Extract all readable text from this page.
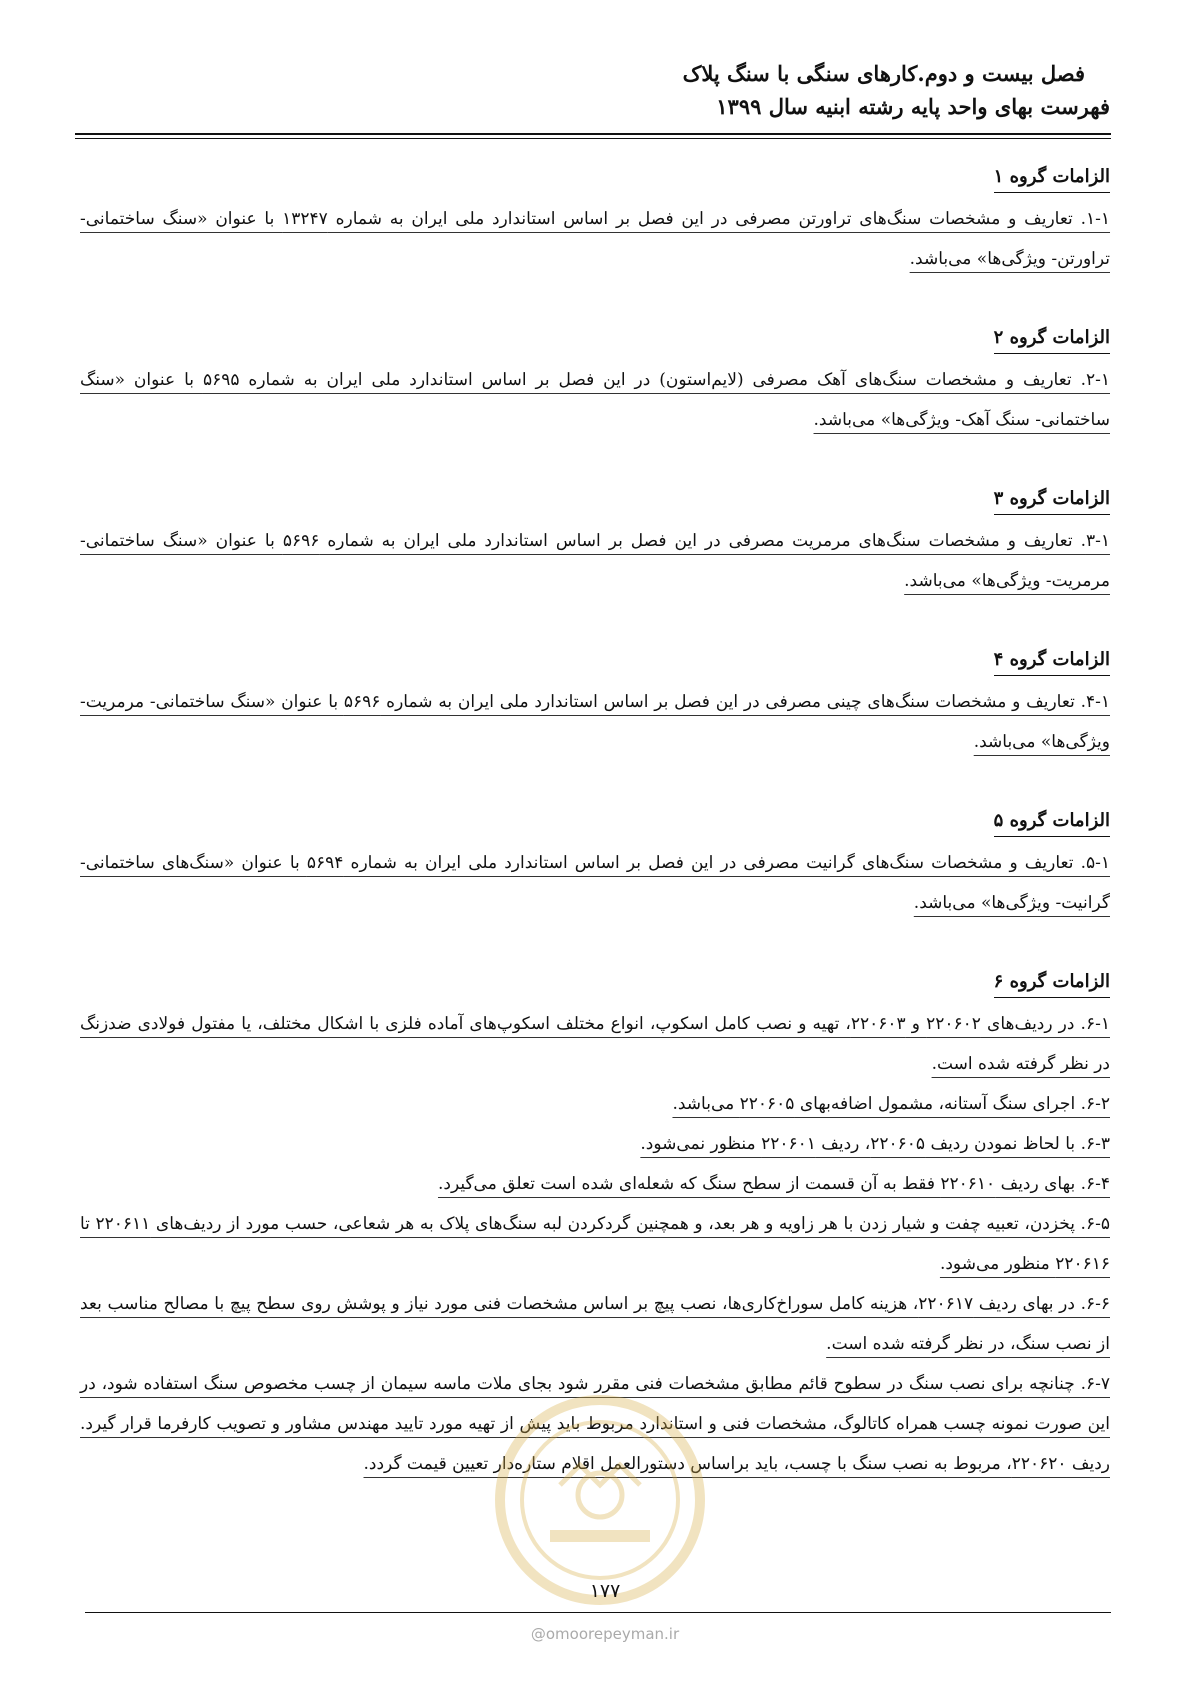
فصل بیست و دوم.کارهای سنگی با سنگ پلاک
فهرست بهای واحد پایه رشته ابنیه سال ۱۳۹۹
الزامات گروه ۱

۱-۱. تعاریف و مشخصات سنگ‌های تراورتن مصرفی در این فصل بر اساس استاندارد ملی ایران به شماره ۱۳۲۴۷ با عنوان «سنگ ساختمانی- تراورتن- ویژگی‌ها» می‌باشد.

الزامات گروه ۲

۲-۱. تعاریف و مشخصات سنگ‌های آهک مصرفی (لایم‌استون) در این فصل بر اساس استاندارد ملی ایران به شماره ۵۶۹۵ با عنوان «سنگ ساختمانی- سنگ آهک- ویژگی‌ها» می‌باشد.

الزامات گروه ۳

۳-۱. تعاریف و مشخصات سنگ‌های مرمریت مصرفی در این فصل بر اساس استاندارد ملی ایران به شماره ۵۶۹۶ با عنوان «سنگ ساختمانی-مرمریت- ویژگی‌ها» می‌باشد.

الزامات گروه ۴

۴-۱. تعاریف و مشخصات سنگ‌های چینی مصرفی در این فصل بر اساس استاندارد ملی ایران به شماره ۵۶۹۶ با عنوان «سنگ ساختمانی- مرمریت- ویژگی‌ها» می‌باشد.

الزامات گروه ۵

۵-۱. تعاریف و مشخصات سنگ‌های گرانیت مصرفی در این فصل بر اساس استاندارد ملی ایران به شماره ۵۶۹۴ با عنوان «سنگ‌های ساختمانی- گرانیت- ویژگی‌ها» می‌باشد.

الزامات گروه ۶

۶-۱. در ردیف‌های ۲۲۰۶۰۲ و ۲۲۰۶۰۳، تهیه و نصب کامل اسکوپ، انواع مختلف اسکوپ‌های آماده فلزی با اشکال مختلف، یا مفتول فولادی ضدزنگ در نظر گرفته شده است.

۶-۲. اجرای سنگ آستانه، مشمول اضافه‌بهای ۲۲۰۶۰۵ می‌باشد.

۶-۳. با لحاظ نمودن ردیف ۲۲۰۶۰۵، ردیف ۲۲۰۶۰۱ منظور نمی‌شود.

۶-۴. بهای ردیف ۲۲۰۶۱۰ فقط به آن قسمت از سطح سنگ که شعله‌ای شده است تعلق می‌گیرد.

۶-۵. پخزدن، تعبیه چفت و شیار زدن با هر زاویه و هر بعد، و همچنین گردکردن لبه سنگ‌های پلاک به هر شعاعی، حسب مورد از ردیف‌های ۲۲۰۶۱۱ تا ۲۲۰۶۱۶ منظور می‌شود.

۶-۶. در بهای ردیف ۲۲۰۶۱۷، هزینه کامل سوراخ‌کاری‌ها، نصب پیچ بر اساس مشخصات فنی مورد نیاز و پوشش روی سطح پیچ با مصالح مناسب بعد از نصب سنگ، در نظر گرفته شده است.

۶-۷. چنانچه برای نصب سنگ در سطوح قائم مطابق مشخصات فنی مقرر شود بجای ملات ماسه سیمان از چسب مخصوص سنگ استفاده شود، در این صورت نمونه چسب همراه کاتالوگ، مشخصات فنی و استاندارد مربوط باید پیش از تهیه مورد تایید مهندس مشاور و تصویب کارفرما قرار گیرد. ردیف ۲۲۰۶۲۰، مربوط به نصب سنگ با چسب، باید براساس دستورالعمل اقلام ستاره‌دار تعیین قیمت گردد.

۱۷۷
@omoorepeyman.ir
